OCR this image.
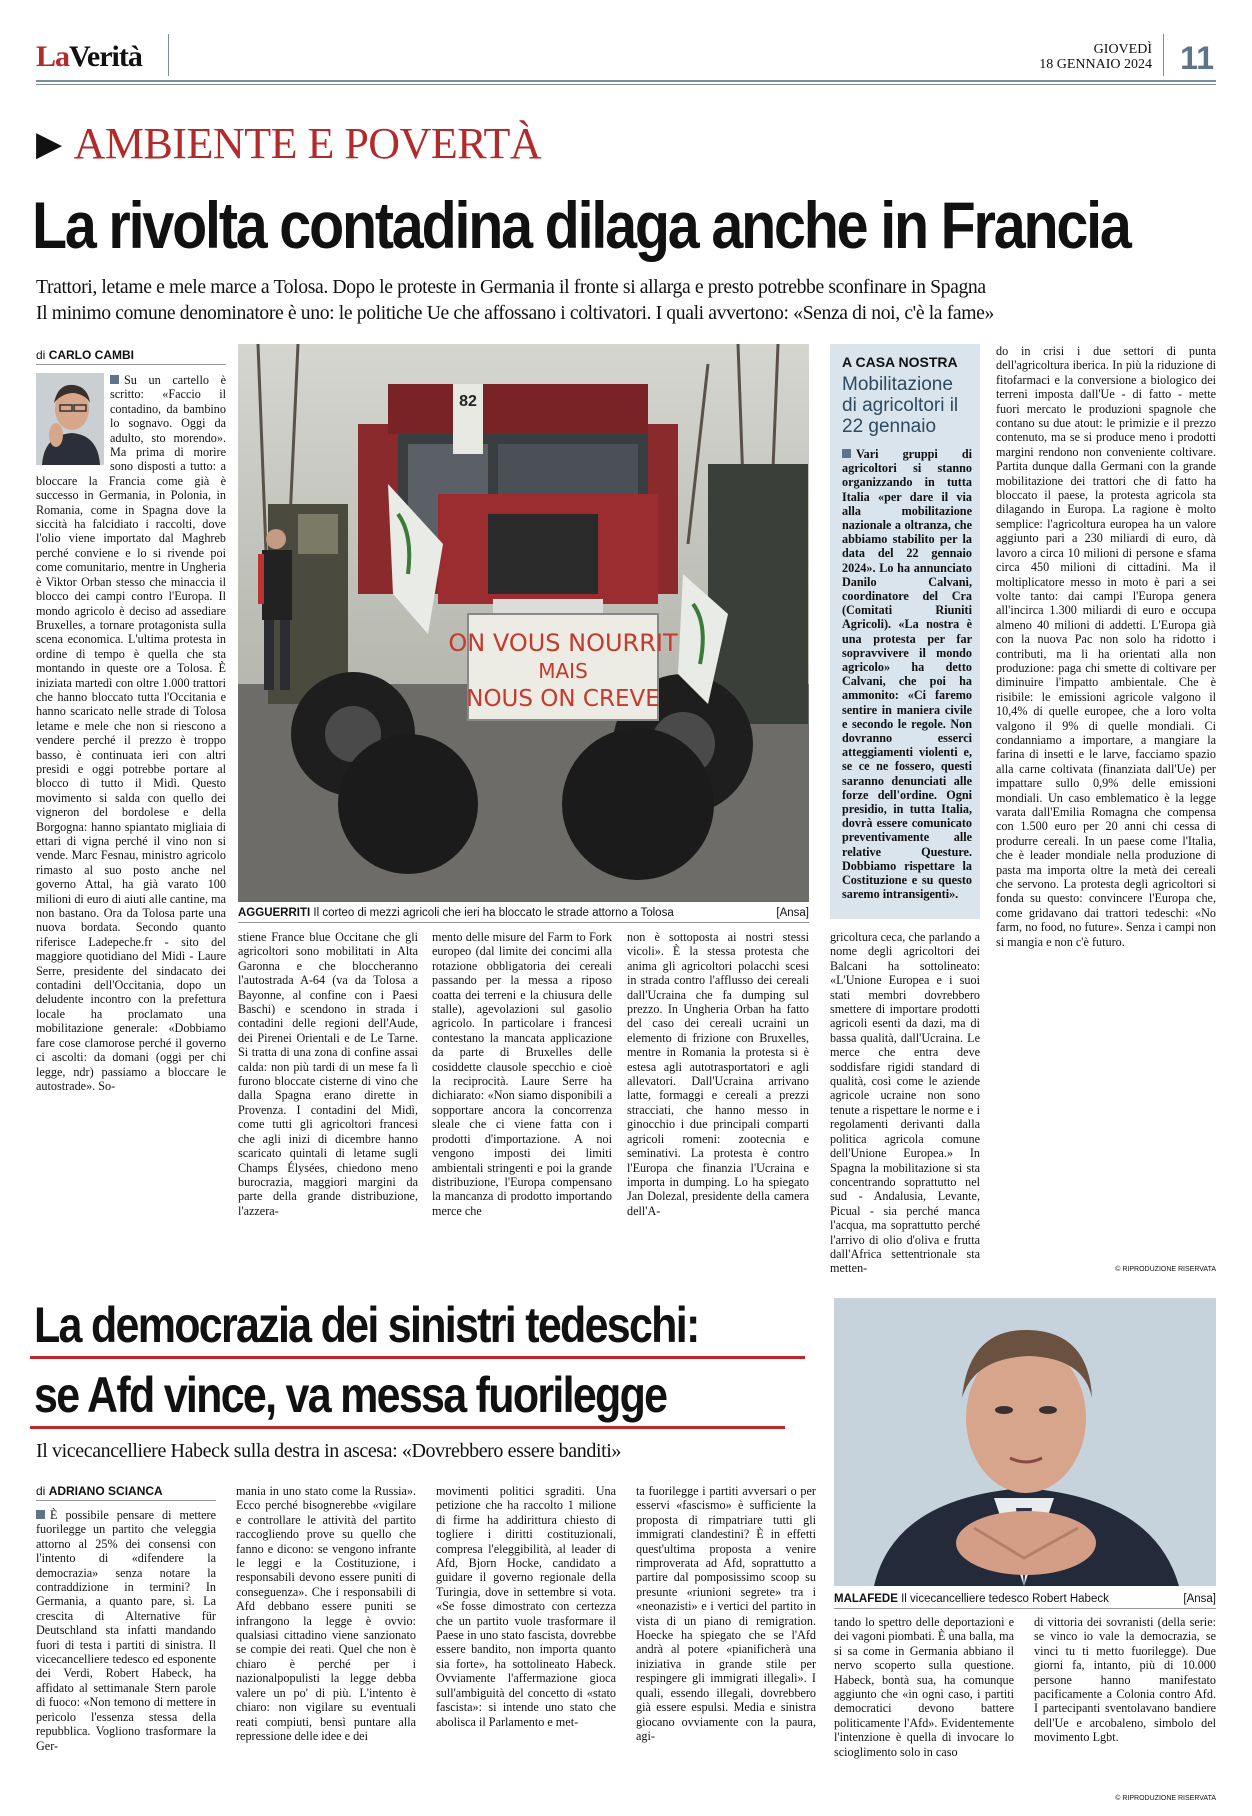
LaVerità	GIOVEDÌ
18 GENNAIO 2024 11
▶ AMBIENTE E POVERTÀ
La rivolta contadina dilaga anche in Francia
Trattori, letame e mele marce a Tolosa. Dopo le proteste in Germania il fronte si allarga e presto potrebbe sconfinare in Spagna
Il minimo comune denominatore è uno: le politiche Ue che affossano i coltivatori. I quali avvertono: «Senza di noi, c'è la fame»
di CARLO CAMBI
Su un cartello è scritto: «Faccio il contadino, da bambino lo sognavo. Oggi da adulto, sto morendo». Ma prima di morire sono disposti a tutto: a bloccare la Francia come già è successo in Germania, in Polonia, in Romania, come in Spagna dove la siccità ha falcidiato i raccolti, dove l'olio viene importato dal Maghreb perché conviene e lo si rivende poi come comunitario, mentre in Ungheria è Viktor Orban stesso che minaccia il blocco dei campi contro l'Europa. Il mondo agricolo è deciso ad assediare Bruxelles, a tornare protagonista sulla scena economica. L'ultima protesta in ordine di tempo è quella che sta montando in queste ore a Tolosa. È iniziata martedì con oltre 1.000 trattori che hanno bloccato tutta l'Occitania e hanno scaricato nelle strade di Tolosa letame e mele che non si riescono a vendere perché il prezzo è troppo basso, è continuata ieri con altri presidi e oggi potrebbe portare al blocco di tutto il Midì. Questo movimento si salda con quello dei vigneron del bordolese e della Borgogna: hanno spiantato migliaia di ettari di vigna perché il vino non si vende. Marc Fesnau, ministro agricolo rimasto al suo posto anche nel governo Attal, ha già varato 100 milioni di euro di aiuti alle cantine, ma non bastano. Ora da Tolosa parte una nuova bordata. Secondo quanto riferisce Ladepeche.fr - sito del maggiore quotidiano del Midì - Laure Serre, presidente del sindacato dei contadini dell'Occitania, dopo un deludente incontro con la prefettura locale ha proclamato una mobilitazione generale: «Dobbiamo fare cose clamorose perché il governo ci ascolti: da domani (oggi per chi legge, ndr) passiamo a bloccare le autostrade». So-
82
ON VOUS NOURRIT
MAIS
NOUS ON CREVE
AGGUERRITI Il corteo di mezzi agricoli che ieri ha bloccato le strade attorno a Tolosa	[Ansa]
stiene France blue Occitane che gli agricoltori sono mobilitati in Alta Garonna e che bloccheranno l'autostrada A-64 (va da Tolosa a Bayonne, al confine con i Paesi Baschi) e scendono in strada i contadini delle regioni dell'Aude, dei Pirenei Orientali e de Le Tarne. Si tratta di una zona di confine assai calda: non più tardi di un mese fa lì furono bloccate cisterne di vino che dalla Spagna erano dirette in Provenza. I contadini del Midì, come tutti gli agricoltori francesi che agli inizi di dicembre hanno scaricato quintali di letame sugli Champs Élysées, chiedono meno burocrazia, maggiori margini da parte della grande distribuzione, l'azzera-
mento delle misure del Farm to Fork europeo (dal limite dei concimi alla rotazione obbligatoria dei cereali passando per la messa a riposo coatta dei terreni e la chiusura delle stalle), agevolazioni sul gasolio agricolo. In particolare i francesi contestano la mancata applicazione da parte di Bruxelles delle cosiddette clausole specchio e cioè la reciprocità. Laure Serre ha dichiarato: «Non siamo disponibili a sopportare ancora la concorrenza sleale che ci viene fatta con i prodotti d'importazione. A noi vengono imposti dei limiti ambientali stringenti e poi la grande distribuzione, l'Europa compensano la mancanza di prodotto importando merce che
non è sottoposta ai nostri stessi vicoli». È la stessa protesta che anima gli agricoltori polacchi scesi in strada contro l'afflusso dei cereali dall'Ucraina che fa dumping sul prezzo. In Ungheria Orban ha fatto del caso dei cereali ucraini un elemento di frizione con Bruxelles, mentre in Romania la protesta si è estesa agli autotrasportatori e agli allevatori. Dall'Ucraina arrivano latte, formaggi e cereali a prezzi stracciati, che hanno messo in ginocchio i due principali comparti agricoli romeni: zootecnia e seminativi. La protesta è contro l'Europa che finanzia l'Ucraina e importa in dumping. Lo ha spiegato Jan Dolezal, presidente della camera dell'A-
gricoltura ceca, che parlando a nome degli agricoltori dei Balcani ha sottolineato: «L'Unione Europea e i suoi stati membri dovrebbero smettere di importare prodotti agricoli esenti da dazi, ma di bassa qualità, dall'Ucraina. Le merce che entra deve soddisfare rigidi standard di qualità, così come le aziende agricole ucraine non sono tenute a rispettare le norme e i regolamenti derivanti dalla politica agricola comune dell'Unione Europea.» In Spagna la mobilitazione si sta concentrando soprattutto nel sud - Andalusia, Levante, Picual - sia perché manca l'acqua, ma soprattutto perché l'arrivo di olio d'oliva e frutta dall'Africa settentrionale sta metten-
A CASA NOSTRA
Mobilitazione di agricoltori il 22 gennaio
Vari gruppi di agricoltori si stanno organizzando in tutta Italia «per dare il via alla mobilitazione nazionale a oltranza, che abbiamo stabilito per la data del 22 gennaio 2024». Lo ha annunciato Danilo Calvani, coordinatore del Cra (Comitati Riuniti Agricoli). «La nostra è una protesta per far sopravvivere il mondo agricolo» ha detto Calvani, che poi ha ammonito: «Ci faremo sentire in maniera civile e secondo le regole. Non dovranno esserci atteggiamenti violenti e, se ce ne fossero, questi saranno denunciati alle forze dell'ordine. Ogni presidio, in tutta Italia, dovrà essere comunicato preventivamente alle relative Questure. Dobbiamo rispettare la Costituzione e su questo saremo intransigenti».
do in crisi i due settori di punta dell'agricoltura iberica. In più la riduzione di fitofarmaci e la conversione a biologico dei terreni imposta dall'Ue - di fatto - mette fuori mercato le produzioni spagnole che contano su due atout: le primizie e il prezzo contenuto, ma se si produce meno i prodotti margini rendono non conveniente coltivare. Partita dunque dalla Germani con la grande mobilitazione dei trattori che di fatto ha bloccato il paese, la protesta agricola sta dilagando in Europa. La ragione è molto semplice: l'agricoltura europea ha un valore aggiunto pari a 230 miliardi di euro, dà lavoro a circa 10 milioni di persone e sfama circa 450 milioni di cittadini. Ma il moltiplicatore messo in moto è pari a sei volte tanto: dai campi l'Europa genera all'incirca 1.300 miliardi di euro e occupa almeno 40 milioni di addetti. L'Europa già con la nuova Pac non solo ha ridotto i contributi, ma li ha orientati alla non produzione: paga chi smette di coltivare per diminuire l'impatto ambientale. Che è risibile: le emissioni agricole valgono il 10,4% di quelle europee, che a loro volta valgono il 9% di quelle mondiali. Ci condanniamo a importare, a mangiare la farina di insetti e le larve, facciamo spazio alla carne coltivata (finanziata dall'Ue) per impattare sullo 0,9% delle emissioni mondiali. Un caso emblematico è la legge varata dall'Emilia Romagna che compensa con 1.500 euro per 20 anni chi cessa di produrre cereali. In un paese come l'Italia, che è leader mondiale nella produzione di pasta ma importa oltre la metà dei cereali che servono. La protesta degli agricoltori si fonda su questo: convincere l'Europa che, come gridavano dai trattori tedeschi: «No farm, no food, no future». Senza i campi non si mangia e non c'è futuro.
© RIPRODUZIONE RISERVATA
La democrazia dei sinistri tedeschi:
se Afd vince, va messa fuorilegge
Il vicecancelliere Habeck sulla destra in ascesa: «Dovrebbero essere banditi»
di ADRIANO SCIANCA
È possibile pensare di mettere fuorilegge un partito che veleggia attorno al 25% dei consensi con l'intento di «difendere la democrazia» senza notare la contraddizione in termini? In Germania, a quanto pare, sì. La crescita di Alternative für Deutschland sta infatti mandando fuori di testa i partiti di sinistra. Il vicecancelliere tedesco ed esponente dei Verdi, Robert Habeck, ha affidato al settimanale Stern parole di fuoco: «Non temono di mettere in pericolo l'essenza stessa della repubblica. Vogliono trasformare la Ger-
mania in uno stato come la Russia». Ecco perché bisognerebbe «vigilare e controllare le attività del partito raccogliendo prove su quello che fanno e dicono: se vengono infrante le leggi e la Costituzione, i responsabili devono essere puniti di conseguenza». Che i responsabili di Afd debbano essere puniti se infrangono la legge è ovvio: qualsiasi cittadino viene sanzionato se compie dei reati. Quel che non è chiaro è perché per i nazionalpopulisti la legge debba valere un po' di più. L'intento è chiaro: non vigilare su eventuali reati compiuti, bensì puntare alla repressione delle idee e dei
movimenti politici sgraditi. Una petizione che ha raccolto 1 milione di firme ha addirittura chiesto di togliere i diritti costituzionali, compresa l'eleggibilità, al leader di Afd, Bjorn Hocke, candidato a guidare il governo regionale della Turingia, dove in settembre si vota. «Se fosse dimostrato con certezza che un partito vuole trasformare il Paese in uno stato fascista, dovrebbe essere bandito, non importa quanto sia forte», ha sottolineato Habeck. Ovviamente l'affermazione gioca sull'ambiguità del concetto di «stato fascista»: si intende uno stato che abolisca il Parlamento e met-
ta fuorilegge i partiti avversari o per esservi «fascismo» è sufficiente la proposta di rimpatriare tutti gli immigrati clandestini? È in effetti quest'ultima proposta a venire rimproverata ad Afd, soprattutto a partire dal pomposissimo scoop su presunte «riunioni segrete» tra i «neonazisti» e i vertici del partito in vista di un piano di remigration. Hoecke ha spiegato che se l'Afd andrà al potere «pianificherà una iniziativa in grande stile per respingere gli immigrati illegali». I quali, essendo illegali, dovrebbero già essere espulsi. Media e sinistra giocano ovviamente con la paura, agi-
tando lo spettro delle deportazioni e dei vagoni piombati. È una balla, ma si sa come in Germania abbiano il nervo scoperto sulla questione. Habeck, bontà sua, ha comunque aggiunto che «in ogni caso, i partiti democratici devono battere politicamente l'Afd». Evidentemente l'intenzione è quella di invocare lo scioglimento solo in caso
di vittoria dei sovranisti (della serie: se vinco io vale la democrazia, se vinci tu ti metto fuorilegge). Due giorni fa, intanto, più di 10.000 persone hanno manifestato pacificamente a Colonia contro Afd. I partecipanti sventolavano bandiere dell'Ue e arcobaleno, simbolo del movimento Lgbt.
© RIPRODUZIONE RISERVATA
MALAFEDE Il vicecancelliere tedesco Robert Habeck	[Ansa]
